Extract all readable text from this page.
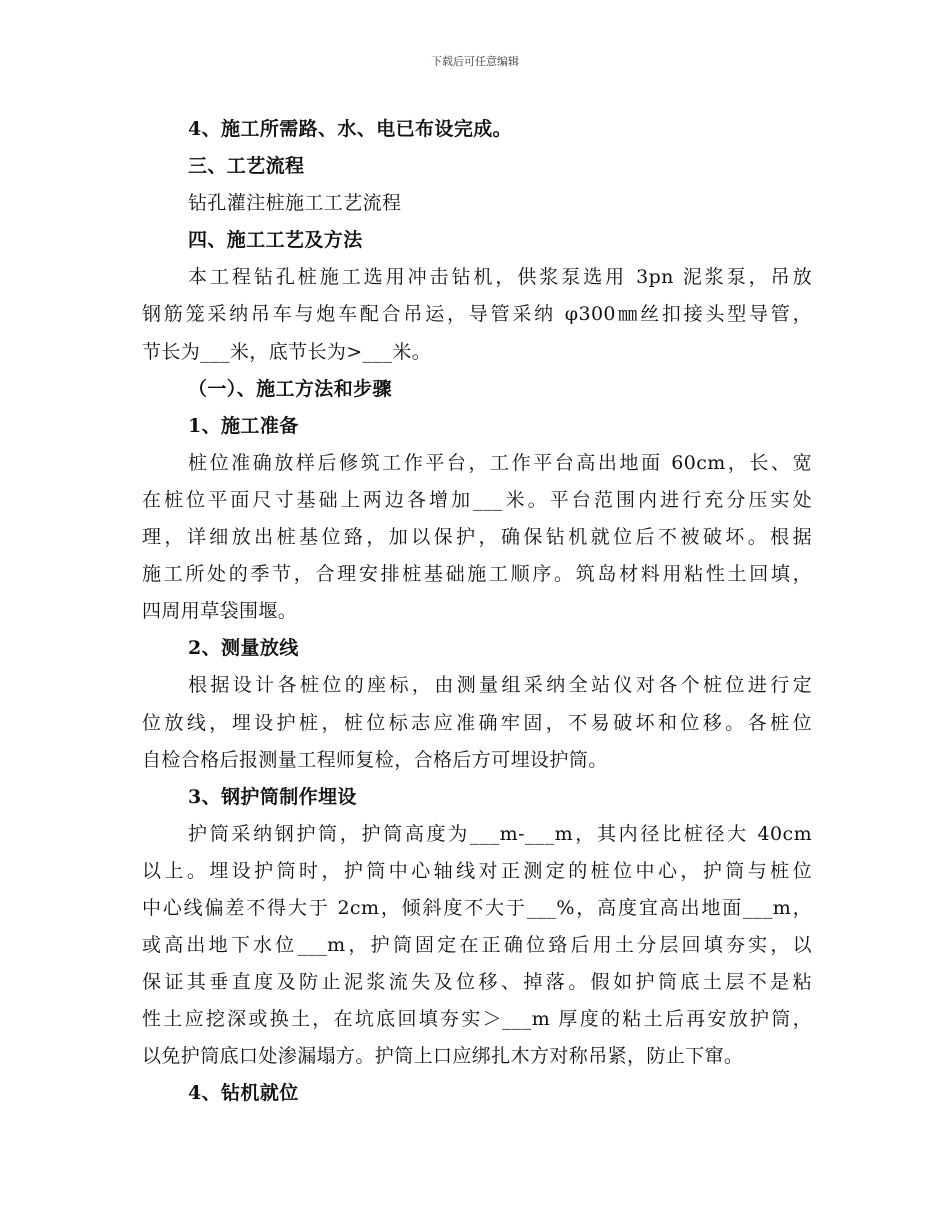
下载后可任意编辑
4、施工所需路、水、电已布设完成。
三、工艺流程
钻孔灌注桩施工工艺流程
四、施工工艺及方法
本工程钻孔桩施工选用冲击钻机，供浆泵选用 3pn 泥浆泵，吊放
钢筋笼采纳吊车与炮车配合吊运，导管采纳 φ300㎜丝扣接头型导管，
节长为___米，底节长为>___米。
（一）、施工方法和步骤
1、施工准备
桩位准确放样后修筑工作平台，工作平台高出地面 60cm，长、宽
在桩位平面尺寸基础上两边各增加___米。平台范围内进行充分压实处
理，详细放出桩基位臵，加以保护，确保钻机就位后不被破坏。根据
施工所处的季节，合理安排桩基础施工顺序。筑岛材料用粘性土回填，
四周用草袋围堰。
2、测量放线
根据设计各桩位的座标，由测量组采纳全站仪对各个桩位进行定
位放线，埋设护桩，桩位标志应准确牢固，不易破坏和位移。各桩位
自检合格后报测量工程师复检，合格后方可埋设护筒。
3、钢护筒制作埋设
护筒采纳钢护筒，护筒高度为___m-___m，其内径比桩径大 40cm
以上。埋设护筒时，护筒中心轴线对正测定的桩位中心，护筒与桩位
中心线偏差不得大于 2cm，倾斜度不大于___%，高度宜高出地面___m，
或高出地下水位___m，护筒固定在正确位臵后用土分层回填夯实，以
保证其垂直度及防止泥浆流失及位移、掉落。假如护筒底土层不是粘
性土应挖深或换土，在坑底回填夯实＞___m 厚度的粘土后再安放护筒，
以免护筒底口处渗漏塌方。护筒上口应绑扎木方对称吊紧，防止下窜。
4、钻机就位
